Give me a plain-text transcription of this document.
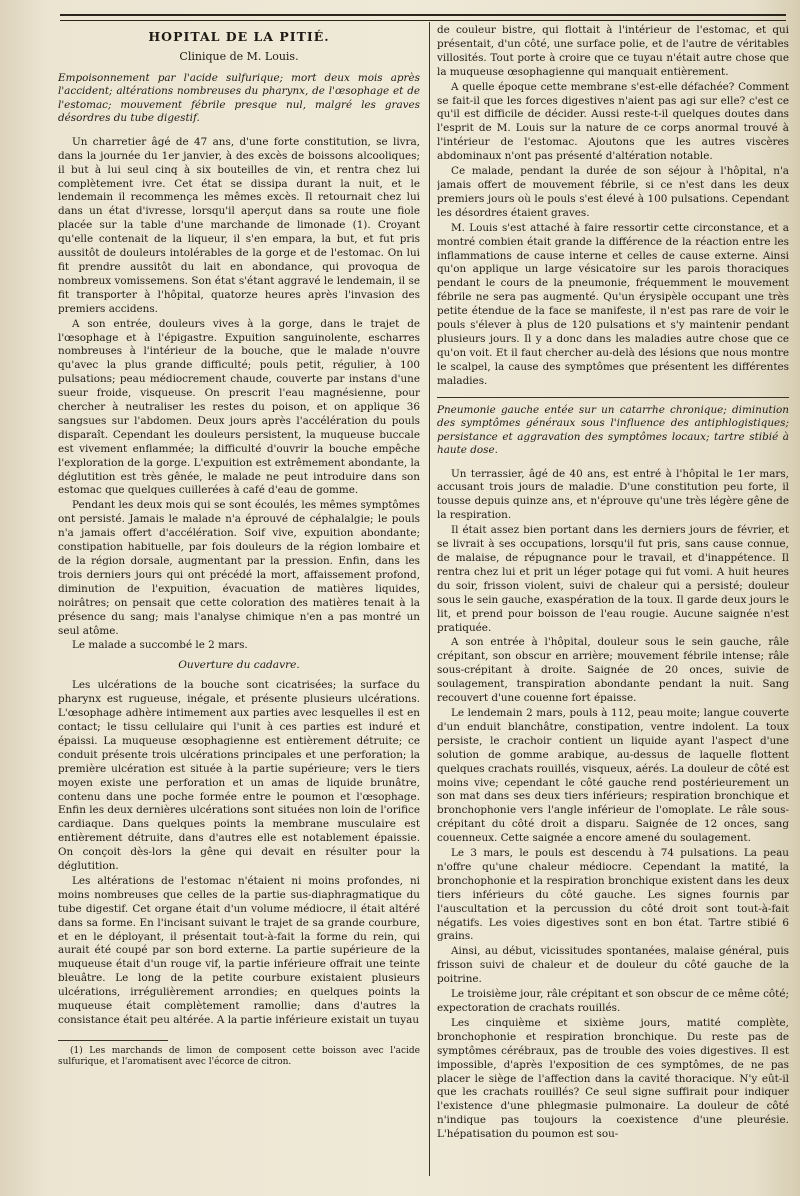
HOPITAL DE LA PITIÉ.
Clinique de M. Louis.
Empoisonnement par l'acide sulfurique; mort deux mois après l'accident; altérations nombreuses du pharynx, de l'œsophage et de l'estomac; mouvement fébrile presque nul, malgré les graves désordres du tube digestif.

Un charretier âgé de 47 ans, d'une forte constitution, se livra, dans la journée du 1er janvier, à des excès de boissons alcooliques; il but à lui seul cinq à six bouteilles de vin, et rentra chez lui complètement ivre. Cet état se dissipa durant la nuit, et le lendemain il recommença les mêmes excès. Il retournait chez lui dans un état d'ivresse, lorsqu'il aperçut dans sa route une fiole placée sur la table d'une marchande de limonade (1). Croyant qu'elle contenait de la liqueur, il s'en empara, la but, et fut pris aussitôt de douleurs intolérables de la gorge et de l'estomac. On lui fit prendre aussitôt du lait en abondance, qui provoqua de nombreux vomissemens. Son état s'étant aggravé le lendemain, il se fit transporter à l'hôpital, quatorze heures après l'invasion des premiers accidens.

A son entrée, douleurs vives à la gorge, dans le trajet de l'œsophage et à l'épigastre. Expuition sanguinolente, escharres nombreuses à l'intérieur de la bouche, que le malade n'ouvre qu'avec la plus grande difficulté; pouls petit, régulier, à 100 pulsations; peau médiocrement chaude, couverte par instans d'une sueur froide, visqueuse. On prescrit l'eau magnésienne, pour chercher à neutraliser les restes du poison, et on applique 36 sangsues sur l'abdomen. Deux jours après l'accélération du pouls disparaît. Cependant les douleurs persistent, la muqueuse buccale est vivement enflammée; la difficulté d'ouvrir la bouche empêche l'exploration de la gorge. L'expuition est extrêmement abondante, la déglutition est très gênée, le malade ne peut introduire dans son estomac que quelques cuillerées à café d'eau de gomme.

Pendant les deux mois qui se sont écoulés, les mêmes symptômes ont persisté. Jamais le malade n'a éprouvé de céphalalgie; le pouls n'a jamais offert d'accélération. Soif vive, expuition abondante; constipation habituelle, par fois douleurs de la région lombaire et de la région dorsale, augmentant par la pression. Enfin, dans les trois derniers jours qui ont précédé la mort, affaissement profond, diminution de l'expuition, évacuation de matières liquides, noirâtres; on pensait que cette coloration des matières tenait à la présence du sang; mais l'analyse chimique n'en a pas montré un seul atôme.

Le malade a succombé le 2 mars.

Ouverture du cadavre.

Les ulcérations de la bouche sont cicatrisées; la surface du pharynx est rugueuse, inégale, et présente plusieurs ulcérations. L'œsophage adhère intimement aux parties avec lesquelles il est en contact; le tissu cellulaire qui l'unit à ces parties est induré et épaissi. La muqueuse œsophagienne est entièrement détruite; ce conduit présente trois ulcérations principales et une perforation; la première ulcération est située à la partie supérieure; vers le tiers moyen existe une perforation et un amas de liquide brunâtre, contenu dans une poche formée entre le poumon et l'œsophage. Enfin les deux dernières ulcérations sont situées non loin de l'orifice cardiaque. Dans quelques points la membrane musculaire est entièrement détruite, dans d'autres elle est notablement épaissie. On conçoit dès-lors la gêne qui devait en résulter pour la déglutition.

Les altérations de l'estomac n'étaient ni moins profondes, ni moins nombreuses que celles de la partie sus-diaphragmatique du tube digestif. Cet organe était d'un volume médiocre, il était altéré dans sa forme. En l'incisant suivant le trajet de sa grande courbure, et en le déployant, il présentait tout-à-fait la forme du rein, qui aurait été coupé par son bord externe. La partie supérieure de la muqueuse était d'un rouge vif, la partie inférieure offrait une teinte bleuâtre. Le long de la petite courbure existaient plusieurs ulcérations, irrégulièrement arrondies; en quelques points la muqueuse était complètement ramollie; dans d'autres la consistance était peu altérée. A la partie inférieure existait un tuyau

(1) Les marchands de limon de composent cette boisson avec l'acide sulfurique, et l'aromatisent avec l'écorce de citron.

de couleur bistre, qui flottait à l'intérieur de l'estomac, et qui présentait, d'un côté, une surface polie, et de l'autre de véritables villosités. Tout porte à croire que ce tuyau n'était autre chose que la muqueuse œsophagienne qui manquait entièrement.

A quelle époque cette membrane s'est-elle défachée? Comment se fait-il que les forces digestives n'aient pas agi sur elle? c'est ce qu'il est difficile de décider. Aussi reste-t-il quelques doutes dans l'esprit de M. Louis sur la nature de ce corps anormal trouvé à l'intérieur de l'estomac. Ajoutons que les autres viscères abdominaux n'ont pas présenté d'altération notable.

Ce malade, pendant la durée de son séjour à l'hôpital, n'a jamais offert de mouvement fébrile, si ce n'est dans les deux premiers jours où le pouls s'est élevé à 100 pulsations. Cependant les désordres étaient graves.

M. Louis s'est attaché à faire ressortir cette circonstance, et a montré combien était grande la différence de la réaction entre les inflammations de cause interne et celles de cause externe. Ainsi qu'on applique un large vésicatoire sur les parois thoraciques pendant le cours de la pneumonie, fréquemment le mouvement fébrile ne sera pas augmenté. Qu'un érysipèle occupant une très petite étendue de la face se manifeste, il n'est pas rare de voir le pouls s'élever à plus de 120 pulsations et s'y maintenir pendant plusieurs jours. Il y a donc dans les maladies autre chose que ce qu'on voit. Et il faut chercher au-delà des lésions que nous montre le scalpel, la cause des symptômes que présentent les différentes maladies.

Pneumonie gauche entée sur un catarrhe chronique; diminution des symptômes généraux sous l'influence des antiphlogistiques; persistance et aggravation des symptômes locaux; tartre stibié à haute dose.

Un terrassier, âgé de 40 ans, est entré à l'hôpital le 1er mars, accusant trois jours de maladie. D'une constitution peu forte, il tousse depuis quinze ans, et n'éprouve qu'une très légère gêne de la respiration.

Il était assez bien portant dans les derniers jours de février, et se livrait à ses occupations, lorsqu'il fut pris, sans cause connue, de malaise, de répugnance pour le travail, et d'inappétence. Il rentra chez lui et prit un léger potage qui fut vomi. A huit heures du soir, frisson violent, suivi de chaleur qui a persisté; douleur sous le sein gauche, exaspération de la toux. Il garde deux jours le lit, et prend pour boisson de l'eau rougie. Aucune saignée n'est pratiquée.

A son entrée à l'hôpital, douleur sous le sein gauche, râle crépitant, son obscur en arrière; mouvement fébrile intense; râle sous-crépitant à droite. Saignée de 20 onces, suivie de soulagement, transpiration abondante pendant la nuit. Sang recouvert d'une couenne fort épaisse.

Le lendemain 2 mars, pouls à 112, peau moite; langue couverte d'un enduit blanchâtre, constipation, ventre indolent. La toux persiste, le crachoir contient un liquide ayant l'aspect d'une solution de gomme arabique, au-dessus de laquelle flottent quelques crachats rouillés, visqueux, aérés. La douleur de côté est moins vive; cependant le côté gauche rend postérieurement un son mat dans ses deux tiers inférieurs; respiration bronchique et bronchophonie vers l'angle inférieur de l'omoplate. Le râle sous-crépitant du côté droit a disparu. Saignée de 12 onces, sang couenneux. Cette saignée a encore amené du soulagement.

Le 3 mars, le pouls est descendu à 74 pulsations. La peau n'offre qu'une chaleur médiocre. Cependant la matité, la bronchophonie et la respiration bronchique existent dans les deux tiers inférieurs du côté gauche. Les signes fournis par l'auscultation et la percussion du côté droit sont tout-à-fait négatifs. Les voies digestives sont en bon état. Tartre stibié 6 grains.

Ainsi, au début, vicissitudes spontanées, malaise général, puis frisson suivi de chaleur et de douleur du côté gauche de la poitrine.

Le troisième jour, râle crépitant et son obscur de ce même côté; expectoration de crachats rouillés.

Les cinquième et sixième jours, matité complète, bronchophonie et respiration bronchique. Du reste pas de symptômes cérébraux, pas de trouble des voies digestives. Il est impossible, d'après l'exposition de ces symptômes, de ne pas placer le siège de l'affection dans la cavité thoracique. N'y eût-il que les crachats rouillés? Ce seul signe suffirait pour indiquer l'existence d'une phlegmasie pulmonaire. La douleur de côté n'indique pas toujours la coexistence d'une pleurésie. L'hépatisation du poumon est sou-
